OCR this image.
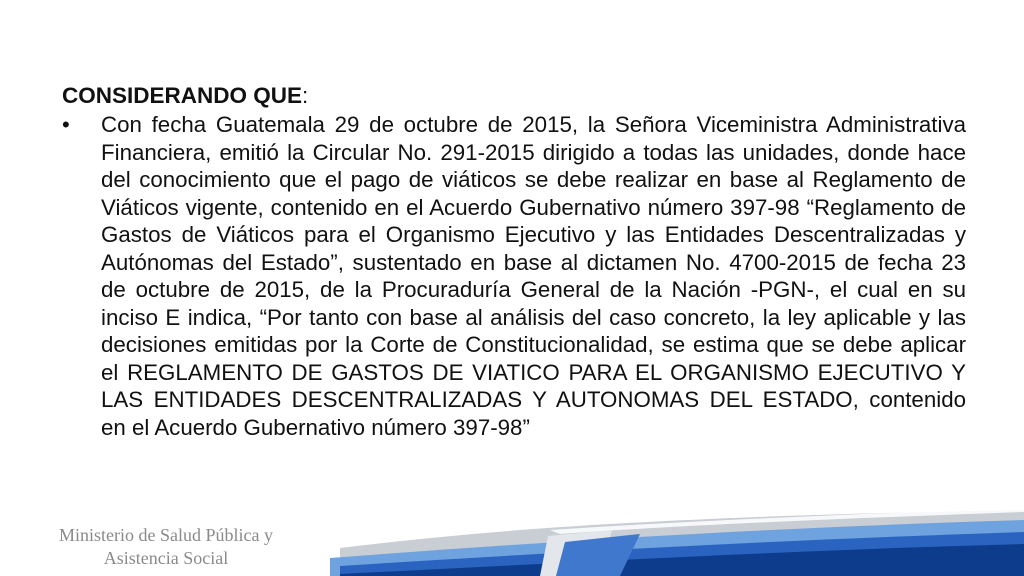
CONSIDERANDO QUE:

• Con fecha Guatemala 29 de octubre de 2015, la Señora Viceministra Administrativa Financiera, emitió la Circular No. 291-2015 dirigido a todas las unidades, donde hace del conocimiento que el pago de viáticos se debe realizar en base al Reglamento de Viáticos vigente, contenido en el Acuerdo Gubernativo número 397-98 “Reglamento de Gastos de Viáticos para el Organismo Ejecutivo y las Entidades Descentralizadas y Autónomas del Estado”, sustentado en base al dictamen No. 4700-2015 de fecha 23 de octubre de 2015, de la Procuraduría General de la Nación -PGN-, el cual en su inciso E indica, “Por tanto con base al análisis del caso concreto, la ley aplicable y las decisiones emitidas por la Corte de Constitucionalidad, se estima que se debe aplicar el REGLAMENTO DE GASTOS DE VIATICO PARA EL ORGANISMO EJECUTIVO Y LAS ENTIDADES DESCENTRALIZADAS Y AUTONOMAS DEL ESTADO, contenido en el Acuerdo Gubernativo número 397-98”

Ministerio de Salud Pública y
Asistencia Social
